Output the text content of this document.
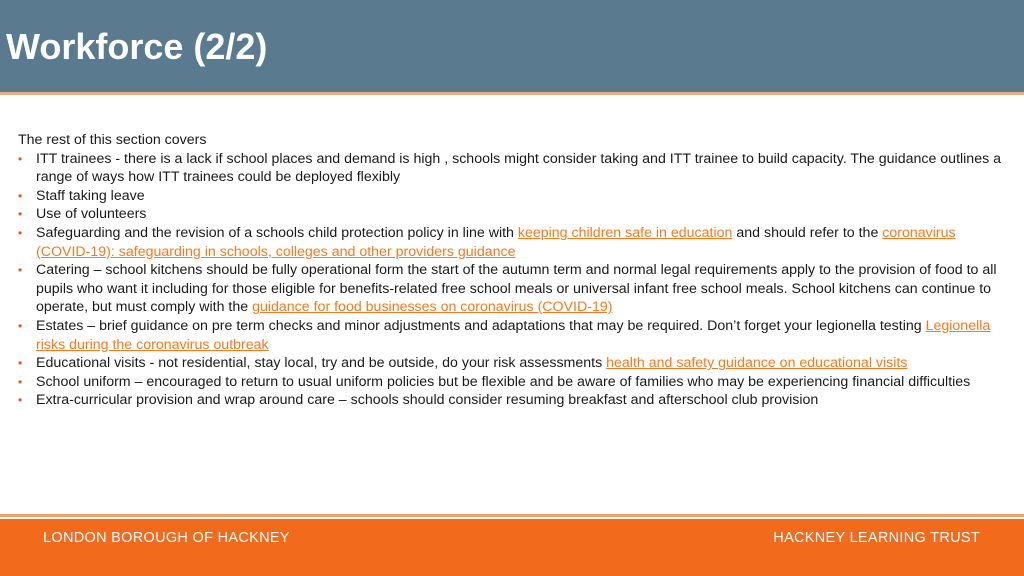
Workforce (2/2)
The rest of this section covers
• ITT trainees - there is a lack if school places and demand is high , schools might consider taking and ITT trainee to build capacity. The guidance outlines a range of ways how ITT trainees could be deployed flexibly
• Staff taking leave
• Use of volunteers
• Safeguarding and the revision of a schools child protection policy in line with keeping children safe in education and should refer to the coronavirus (COVID-19): safeguarding in schools, colleges and other providers guidance
• Catering – school kitchens should be fully operational form the start of the autumn term and normal legal requirements apply to the provision of food to all pupils who want it including for those eligible for benefits-related free school meals or universal infant free school meals. School kitchens can continue to operate, but must comply with the guidance for food businesses on coronavirus (COVID-19)
• Estates – brief guidance on pre term checks and minor adjustments and adaptations that may be required. Don’t forget your legionella testing Legionella risks during the coronavirus outbreak
• Educational visits - not residential, stay local, try and be outside, do your risk assessments health and safety guidance on educational visits
• School uniform – encouraged to return to usual uniform policies but be flexible and be aware of families who may be experiencing financial difficulties
• Extra-curricular provision and wrap around care – schools should consider resuming breakfast and afterschool club provision
LONDON BOROUGH OF HACKNEY	HACKNEY LEARNING TRUST
